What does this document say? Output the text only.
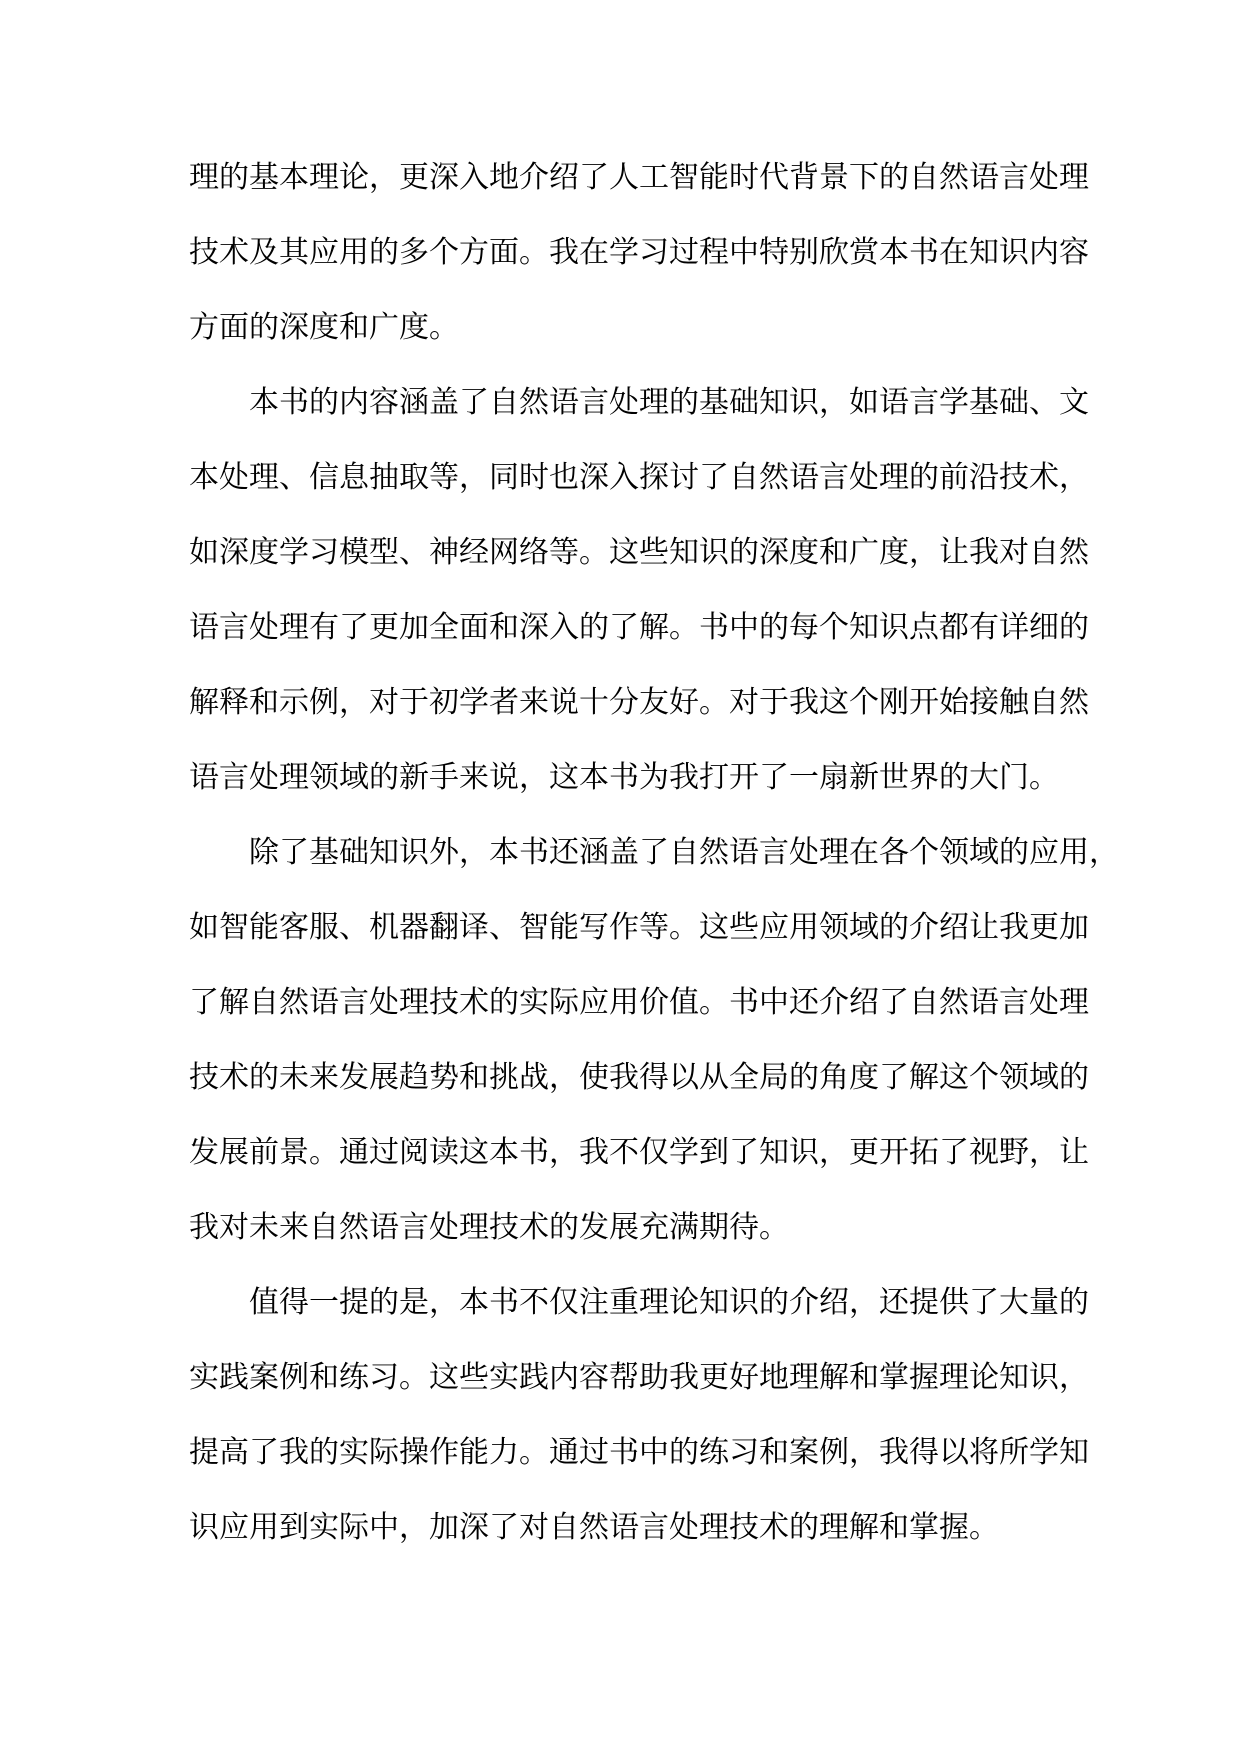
理的基本理论，更深入地介绍了人工智能时代背景下的自然语言处理
技术及其应用的多个方面。我在学习过程中特别欣赏本书在知识内容
方面的深度和广度。
本书的内容涵盖了自然语言处理的基础知识，如语言学基础、文
本处理、信息抽取等，同时也深入探讨了自然语言处理的前沿技术，
如深度学习模型、神经网络等。这些知识的深度和广度，让我对自然
语言处理有了更加全面和深入的了解。书中的每个知识点都有详细的
解释和示例，对于初学者来说十分友好。对于我这个刚开始接触自然
语言处理领域的新手来说，这本书为我打开了一扇新世界的大门。
除了基础知识外，本书还涵盖了自然语言处理在各个领域的应用，
如智能客服、机器翻译、智能写作等。这些应用领域的介绍让我更加
了解自然语言处理技术的实际应用价值。书中还介绍了自然语言处理
技术的未来发展趋势和挑战，使我得以从全局的角度了解这个领域的
发展前景。通过阅读这本书，我不仅学到了知识，更开拓了视野，让
我对未来自然语言处理技术的发展充满期待。
值得一提的是，本书不仅注重理论知识的介绍，还提供了大量的
实践案例和练习。这些实践内容帮助我更好地理解和掌握理论知识，
提高了我的实际操作能力。通过书中的练习和案例，我得以将所学知
识应用到实际中，加深了对自然语言处理技术的理解和掌握。
